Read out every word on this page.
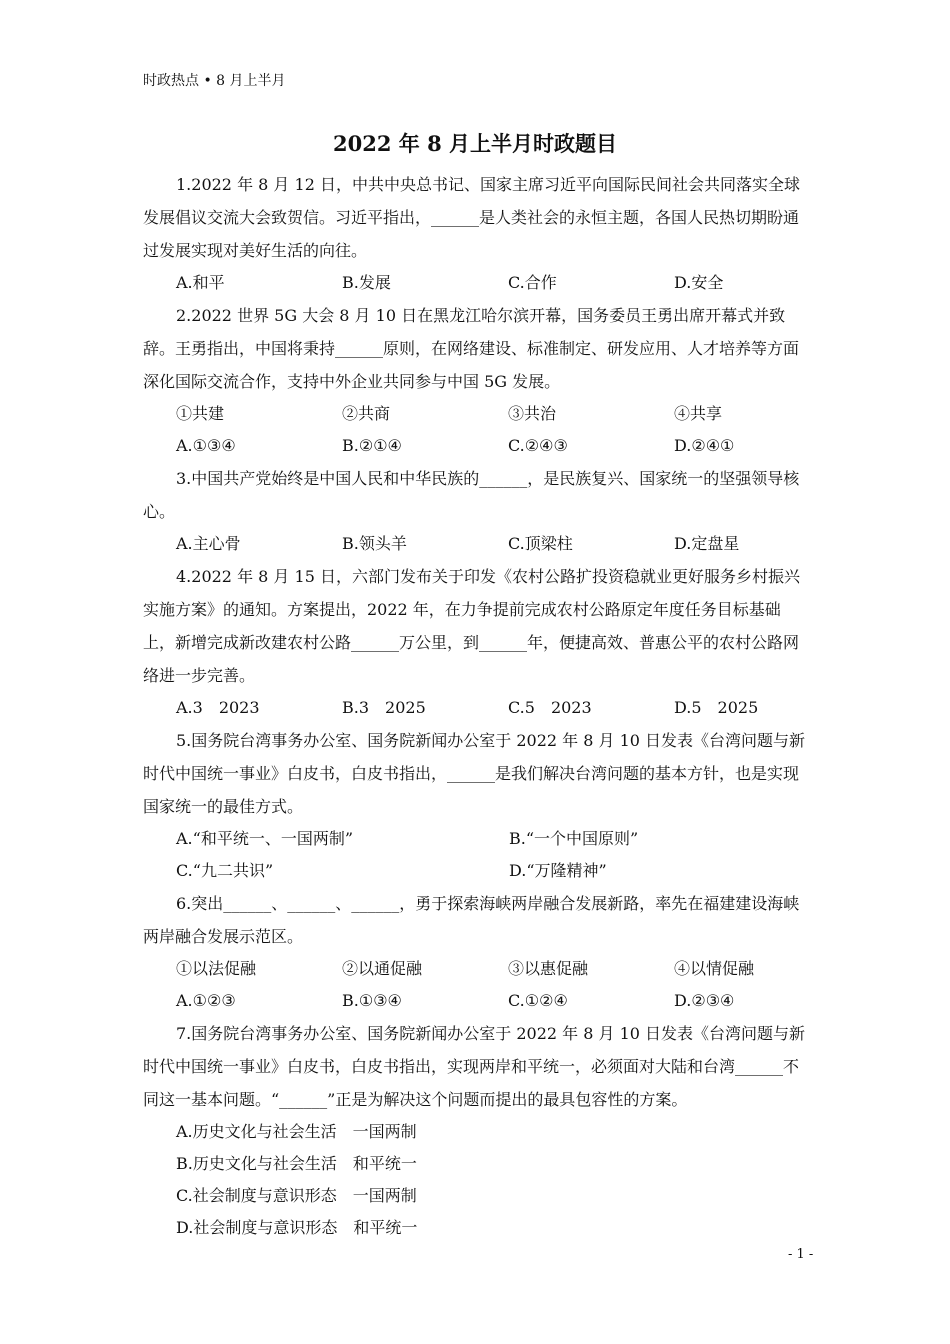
时政热点 • 8 月上半月
2022 年 8 月上半月时政题目

1.2022 年 8 月 12 日，中共中央总书记、国家主席习近平向国际民间社会共同落实全球发展倡议交流大会致贺信。习近平指出，______是人类社会的永恒主题，各国人民热切期盼通过发展实现对美好生活的向往。

A.和平	B.发展	C.合作	D.安全

2.2022 世界 5G 大会 8 月 10 日在黑龙江哈尔滨开幕，国务委员王勇出席开幕式并致辞。王勇指出，中国将秉持______原则，在网络建设、标准制定、研发应用、人才培养等方面深化国际交流合作，支持中外企业共同参与中国 5G 发展。

①共建	②共商	③共治	④共享
A.①③④	B.②①④	C.②④③	D.②④①

3.中国共产党始终是中国人民和中华民族的______，是民族复兴、国家统一的坚强领导核心。

A.主心骨	B.领头羊	C.顶梁柱	D.定盘星

4.2022 年 8 月 15 日，六部门发布关于印发《农村公路扩投资稳就业更好服务乡村振兴实施方案》的通知。方案提出，2022 年，在力争提前完成农村公路原定年度任务目标基础上，新增完成新改建农村公路______万公里，到______年，便捷高效、普惠公平的农村公路网络进一步完善。

A.3　2023	B.3　2025	C.5　2023	D.5　2025

5.国务院台湾事务办公室、国务院新闻办公室于 2022 年 8 月 10 日发表《台湾问题与新时代中国统一事业》白皮书，白皮书指出，______是我们解决台湾问题的基本方针，也是实现国家统一的最佳方式。

A.“和平统一、一国两制”	B.“一个中国原则”
C.“九二共识”	D.“万隆精神”

6.突出______、______、______，勇于探索海峡两岸融合发展新路，率先在福建建设海峡两岸融合发展示范区。

①以法促融	②以通促融	③以惠促融	④以情促融
A.①②③	B.①③④	C.①②④	D.②③④

7.国务院台湾事务办公室、国务院新闻办公室于 2022 年 8 月 10 日发表《台湾问题与新时代中国统一事业》白皮书，白皮书指出，实现两岸和平统一，必须面对大陆和台湾______不同这一基本问题。“______”正是为解决这个问题而提出的最具包容性的方案。

A.历史文化与社会生活　一国两制
B.历史文化与社会生活　和平统一
C.社会制度与意识形态　一国两制
D.社会制度与意识形态　和平统一
- 1 -
